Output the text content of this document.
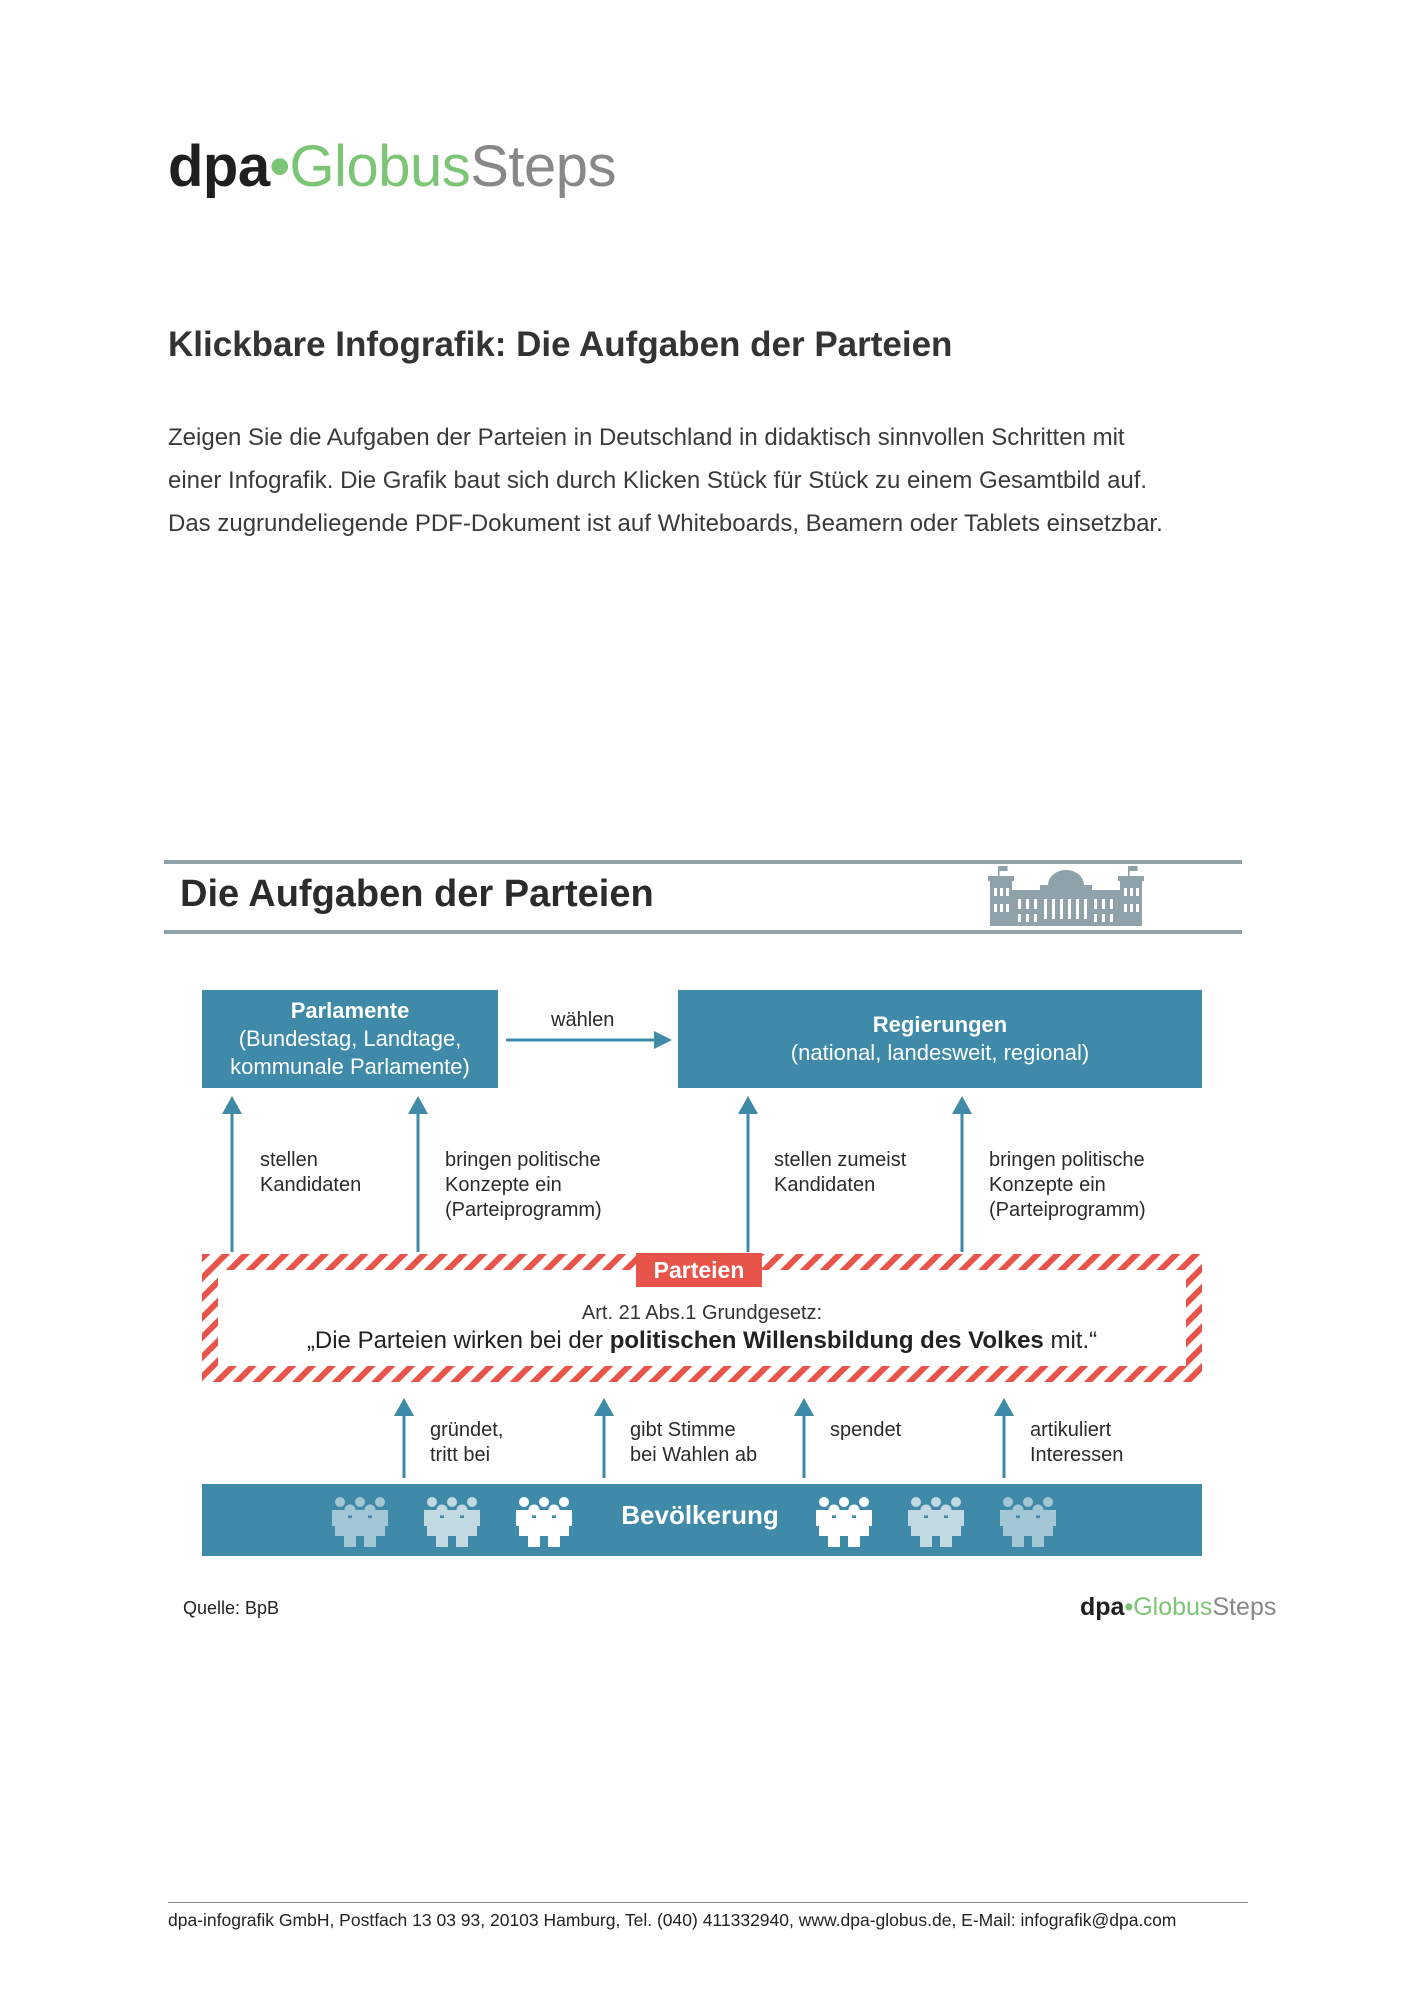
dpa•GlobusSteps
Klickbare Infografik: Die Aufgaben der Parteien
Zeigen Sie die Aufgaben der Parteien in Deutschland in didaktisch sinnvollen Schritten mit
einer Infografik. Die Grafik baut sich durch Klicken Stück für Stück zu einem Gesamtbild auf.
Das zugrundeliegende PDF-Dokument ist auf Whiteboards, Beamern oder Tablets einsetzbar.
Die Aufgaben der Parteien
Parlamente
(Bundestag, Landtage,
kommunale Parlamente)
wählen	Regierungen
(national, landesweit, regional)
stellen
Kandidaten
bringen politische
Konzepte ein
(Parteiprogramm)
stellen zumeist
Kandidaten
bringen politische
Konzepte ein
(Parteiprogramm)
Parteien
Art. 21 Abs.1 Grundgesetz:
„Die Parteien wirken bei der politischen Willensbildung des Volkes mit.“
gründet,
tritt bei
gibt Stimme
bei Wahlen ab
spendet	artikuliert
Interessen
Bevölkerung
Quelle: BpB	dpa•GlobusSteps
dpa-infografik GmbH, Postfach 13 03 93, 20103 Hamburg, Tel. (040) 411332940, www.dpa-globus.de, E-Mail: infografik@dpa.com
